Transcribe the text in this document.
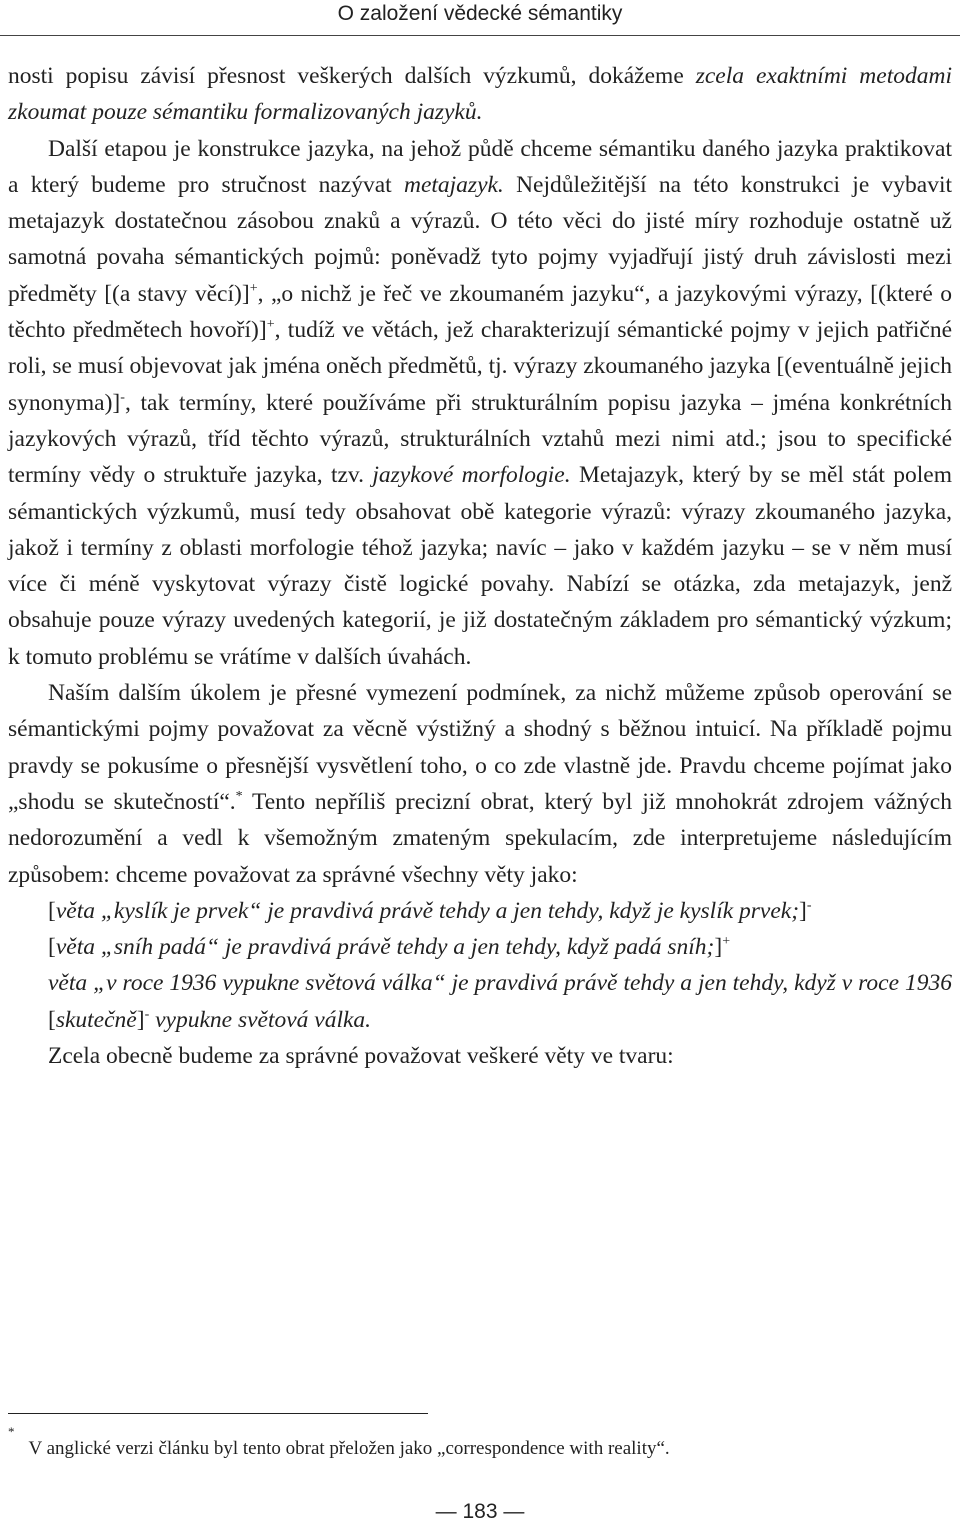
O založení vědecké sémantiky

nosti popisu závisí přesnost veškerých dalších výzkumů, dokážeme zcela exaktními metodami zkoumat pouze sémantiku formalizovaných jazyků.

Další etapou je konstrukce jazyka, na jehož půdě chceme sémantiku daného jazyka praktikovat a který budeme pro stručnost nazývat metajazyk. Nejdůležitější na této konstrukci je vybavit metajazyk dostatečnou zásobou znaků a výrazů. O této věci do jisté míry rozhoduje ostatně už samotná povaha sémantických pojmů: poněvadž tyto pojmy vyjadřují jistý druh závislosti mezi předměty [(a stavy věcí)]+, „o nichž je řeč ve zkoumaném jazyku“, a jazykovými výrazy, [(které o těchto předmětech hovoří)]+, tudíž ve větách, jež charakterizují sémantické pojmy v jejich patřičné roli, se musí objevovat jak jména oněch předmětů, tj. výrazy zkoumaného jazyka [(eventuálně jejich synonyma)]-, tak termíny, které používáme při strukturálním popisu jazyka – jména konkrétních jazykových výrazů, tříd těchto výrazů, strukturálních vztahů mezi nimi atd.; jsou to specifické termíny vědy o struktuře jazyka, tzv. jazykové morfologie. Metajazyk, který by se měl stát polem sémantických výzkumů, musí tedy obsahovat obě kategorie výrazů: výrazy zkoumaného jazyka, jakož i termíny z oblasti morfologie téhož jazyka; navíc – jako v každém jazyku – se v něm musí více či méně vyskytovat výrazy čistě logické povahy. Nabízí se otázka, zda metajazyk, jenž obsahuje pouze výrazy uvedených kategorií, je již dostatečným základem pro sémantický výzkum; k tomuto problému se vrátíme v dalších úvahách.

Naším dalším úkolem je přesné vymezení podmínek, za nichž můžeme způsob operování se sémantickými pojmy považovat za věcně výstižný a shodný s běžnou intuicí. Na příkladě pojmu pravdy se pokusíme o přesnější vysvětlení toho, o co zde vlastně jde. Pravdu chceme pojímat jako „shodu se skutečností“.* Tento nepříliš precizní obrat, který byl již mnohokrát zdrojem vážných nedorozumění a vedl k všemožným zmateným spekulacím, zde interpretujeme následujícím způsobem: chceme považovat za správné všechny věty jako:

[věta „kyslík je prvek“ je pravdivá právě tehdy a jen tehdy, když je kyslík prvek;]-

[věta „sníh padá“ je pravdivá právě tehdy a jen tehdy, když padá sníh;]+

věta „v roce 1936 vypukne světová válka“ je pravdivá právě tehdy a jen tehdy, když v roce 1936 [skutečně]- vypukne světová válka.

Zcela obecně budeme za správné považovat veškeré věty ve tvaru:

*V anglické verzi článku byl tento obrat přeložen jako „correspondence with reality“.
— 183 —
